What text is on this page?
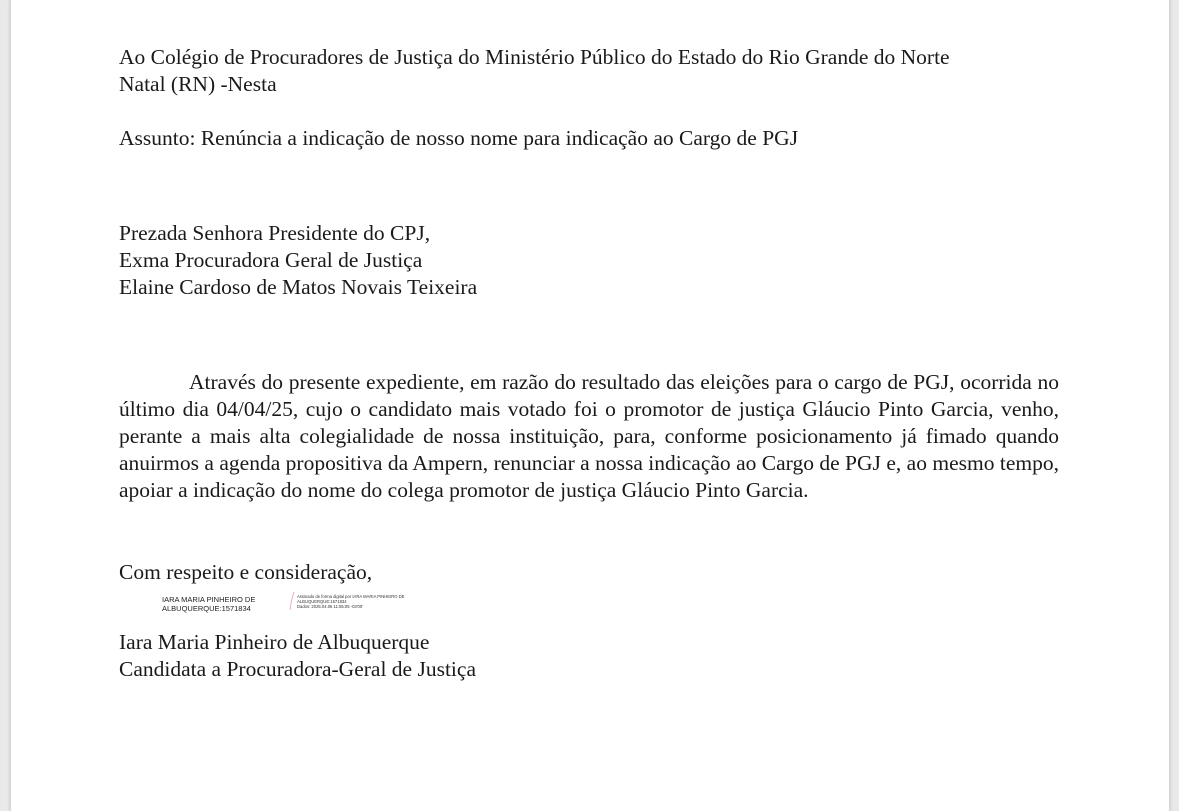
Ao Colégio de Procuradores de Justiça do Ministério Público do Estado do Rio Grande do Norte
Natal (RN) -Nesta
Assunto: Renúncia a indicação de nosso nome para indicação ao Cargo de PGJ
Prezada Senhora Presidente do CPJ,
Exma Procuradora Geral de Justiça
Elaine Cardoso de Matos Novais Teixeira

Através do presente expediente, em razão do resultado das eleições para o cargo de PGJ, ocorrida no último dia 04/04/25, cujo o candidato mais votado foi o promotor de justiça Gláucio Pinto Garcia, venho, perante a mais alta colegialidade de nossa instituição, para, conforme posicionamento já fimado quando anuirmos a agenda propositiva da Ampern, renunciar a nossa indicação ao Cargo de PGJ e, ao mesmo tempo, apoiar a indicação do nome do colega promotor de justiça Gláucio Pinto Garcia.

Com respeito e consideração,
IARA MARIA PINHEIRO DE
ALBUQUERQUE:1571834
Assinado de forma digital por IARA MARIA PINHEIRO DE
ALBUQUERQUE:1571834
Dados: 2025.04.06 11:55:05 -03'00'
Iara Maria Pinheiro de Albuquerque
Candidata a Procuradora-Geral de Justiça
